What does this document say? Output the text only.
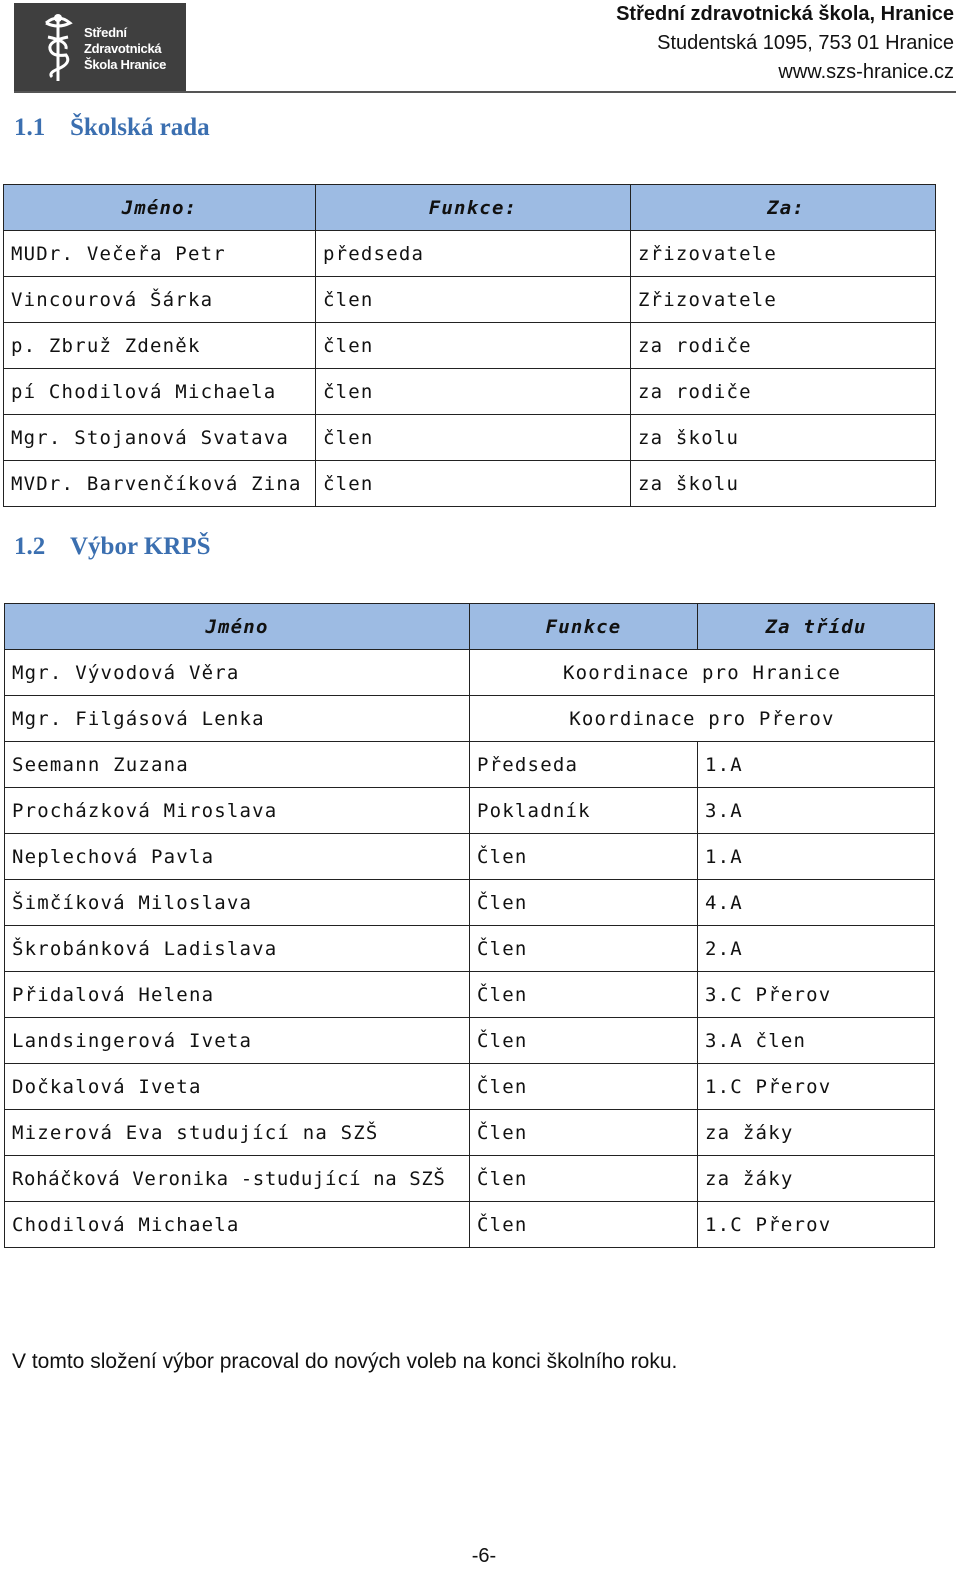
Střední
Zdravotnická
Škola Hranice
Střední zdravotnická škola, Hranice
Studentská 1095, 753 01 Hranice
www.szs-hranice.cz
1.1 Školská rada
Jméno:	Funkce:	Za:
MUDr. Večeřa Petr	předseda	zřizovatele
Vincourová Šárka	člen	Zřizovatele
p. Zbruž Zdeněk	člen	za rodiče
pí Chodilová Michaela	člen	za rodiče
Mgr. Stojanová Svatava	člen	za školu
MVDr. Barvenčíková Zina	člen	za školu
1.2 Výbor KRPŠ
Jméno	Funkce	Za třídu
Mgr. Vývodová Věra	Koordinace pro Hranice	
Mgr. Filgásová Lenka	Koordinace pro Přerov	
Seemann Zuzana	Předseda	1.A
Procházková Miroslava	Pokladník	3.A
Neplechová Pavla	Člen	1.A
Šimčíková Miloslava	Člen	4.A
Škrobánková Ladislava	Člen	2.A
Přidalová Helena	Člen	3.C Přerov
Landsingerová Iveta	Člen	3.A člen
Dočkalová Iveta	Člen	1.C Přerov
Mizerová Eva studující na SZŠ	Člen	za žáky
Roháčková Veronika -studující na SZŠ	Člen	za žáky
Chodilová Michaela	Člen	1.C Přerov
V tomto složení výbor pracoval do nových voleb na konci školního roku.
-6-
